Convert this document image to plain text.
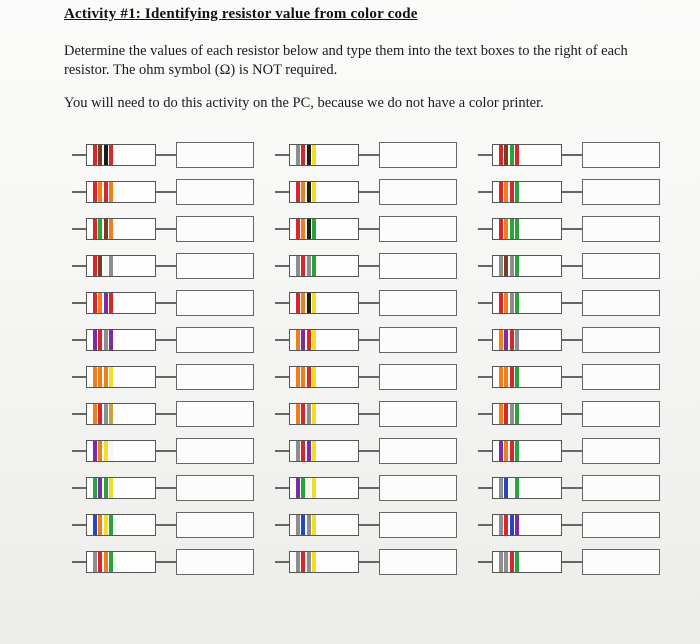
Activity #1: Identifying resistor value from color code
Determine the values of each resistor below and type them into the text boxes to the right of each resistor. The ohm symbol (Ω) is NOT required.
You will need to do this activity on the PC, because we do not have a color printer.
